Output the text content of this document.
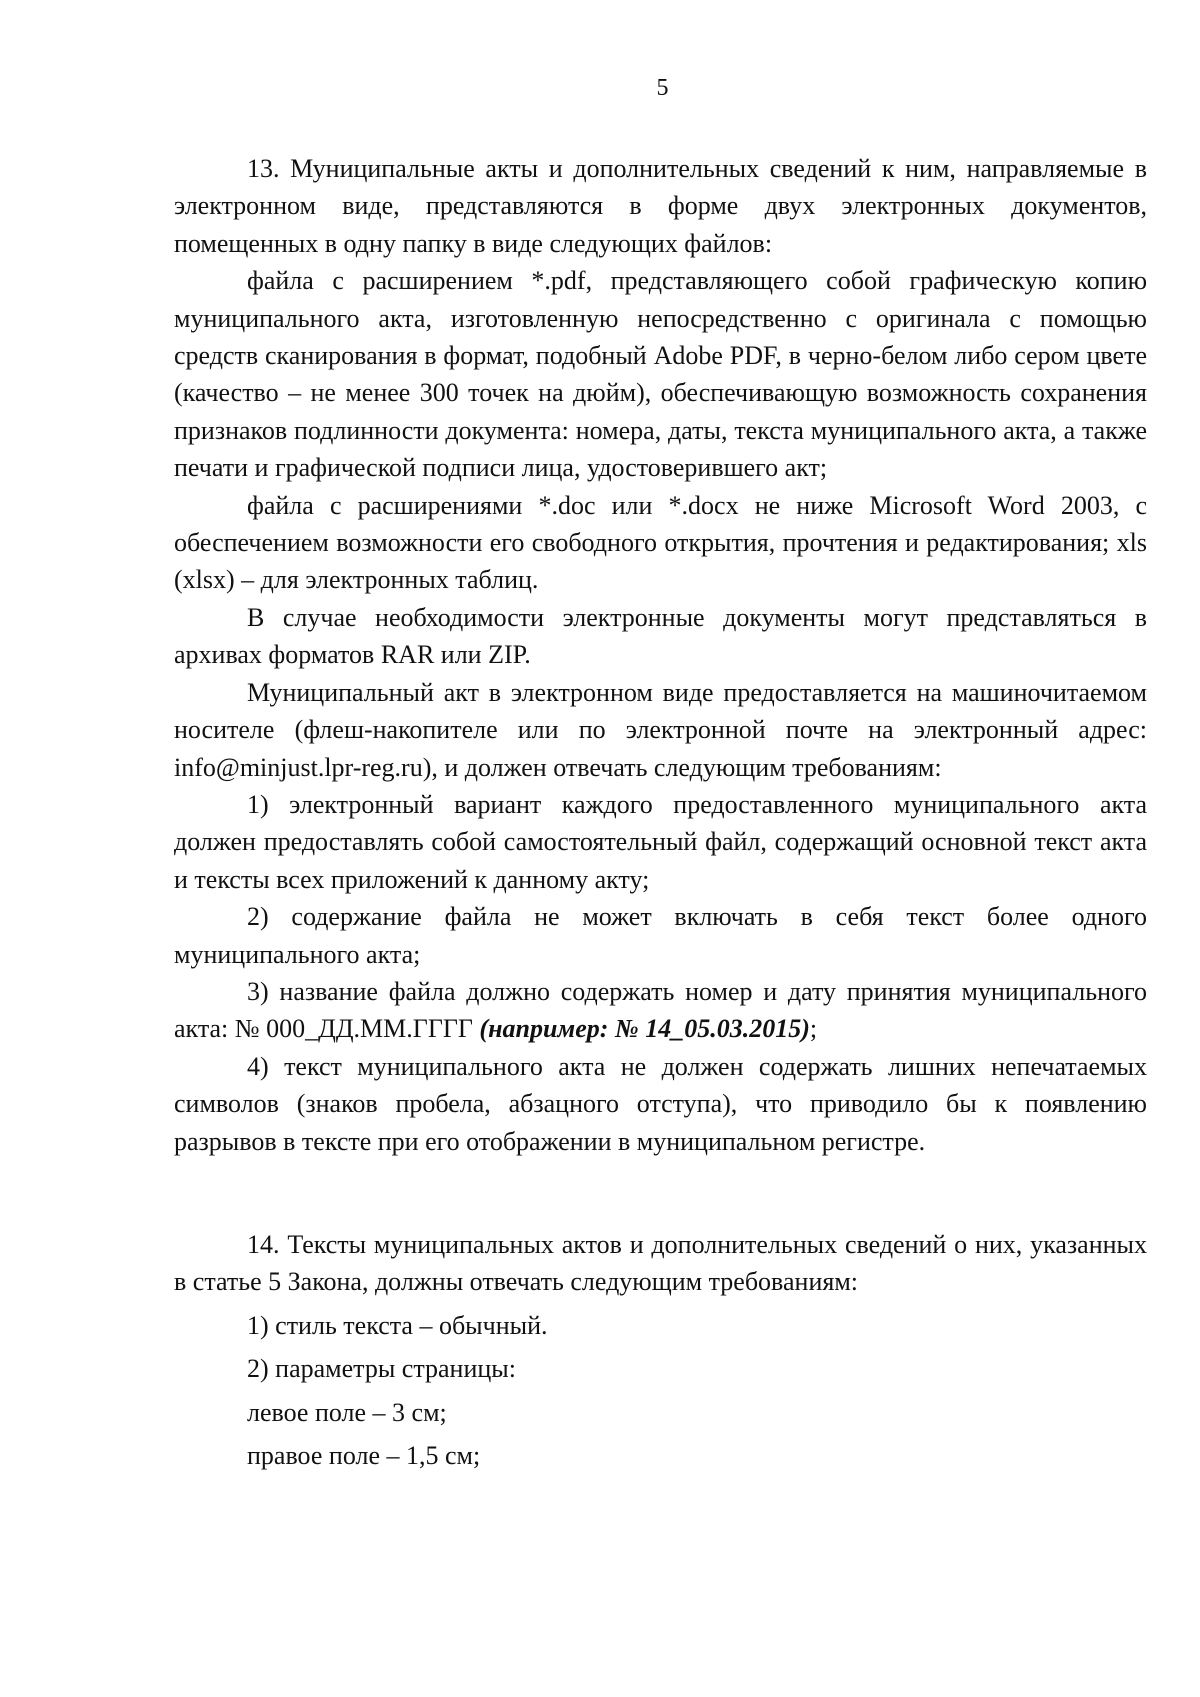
5

13. Муниципальные акты и дополнительных сведений к ним, направляемые в электронном виде, представляются в форме двух электронных документов, помещенных в одну папку в виде следующих файлов:

файла с расширением *.pdf, представляющего собой графическую копию муниципального акта, изготовленную непосредственно с оригинала с помощью средств сканирования в формат, подобный Adobe PDF, в черно-белом либо сером цвете (качество – не менее 300 точек на дюйм), обеспечивающую возможность сохранения признаков подлинности документа: номера, даты, текста муниципального акта, а также печати и графической подписи лица, удостоверившего акт;

файла с расширениями *.doc или *.docx не ниже Microsoft Word 2003, с обеспечением возможности его свободного открытия, прочтения и редактирования; xls (xlsx) – для электронных таблиц.

В случае необходимости электронные документы могут представляться в архивах форматов RAR или ZIP.

Муниципальный акт в электронном виде предоставляется на машиночитаемом носителе (флеш-накопителе или по электронной почте на электронный адрес: info@minjust.lpr-reg.ru), и должен отвечать следующим требованиям:

1) электронный вариант каждого предоставленного муниципального акта должен предоставлять собой самостоятельный файл, содержащий основной текст акта и тексты всех приложений к данному акту;

2) содержание файла не может включать в себя текст более одного муниципального акта;

3) название файла должно содержать номер и дату принятия муниципального акта: № 000_ДД.ММ.ГГГГ (например: № 14_05.03.2015);

4) текст муниципального акта не должен содержать лишних непечатаемых символов (знаков пробела, абзацного отступа), что приводило бы к появлению разрывов в тексте при его отображении в муниципальном регистре.

14. Тексты муниципальных актов и дополнительных сведений о них, указанных в статье 5 Закона, должны отвечать следующим требованиям:

1) стиль текста – обычный.

2) параметры страницы:

левое поле – 3 см;

правое поле – 1,5 см;
